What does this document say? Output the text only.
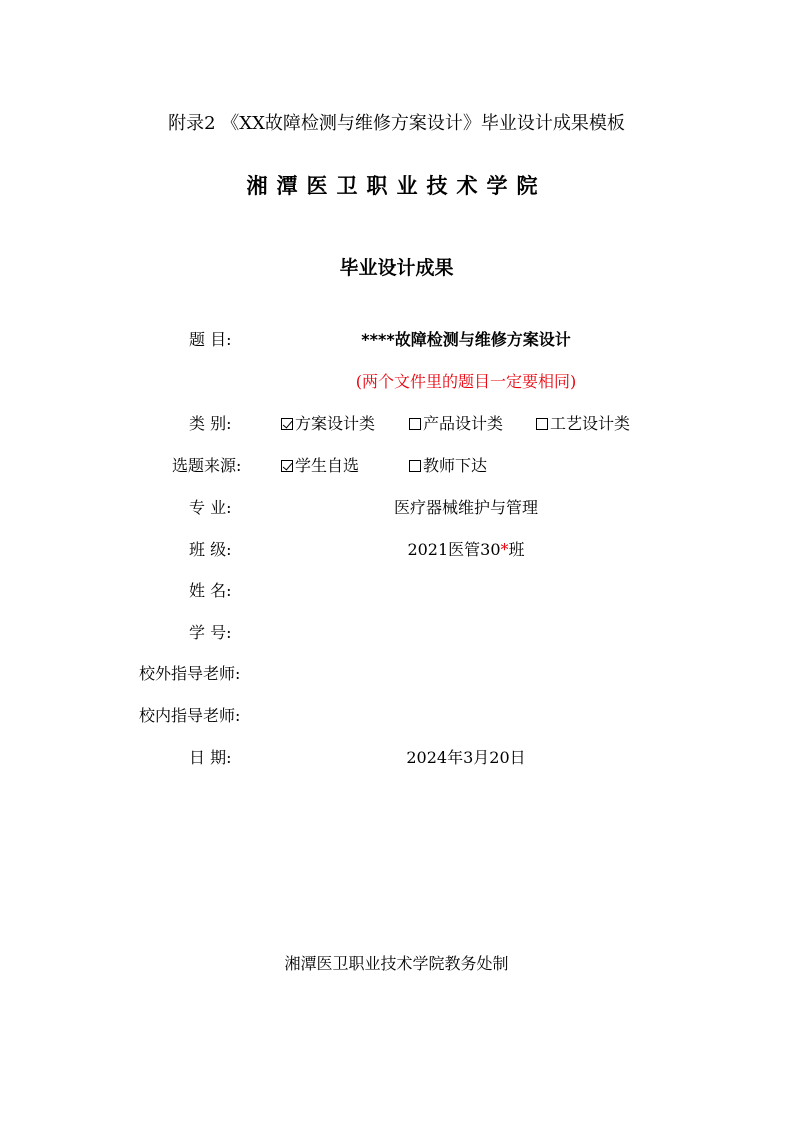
附录2 《XX故障检测与维修方案设计》毕业设计成果模板
湘潭医卫职业技术学院
毕业设计成果
题 目:	****故障检测与维修方案设计
(两个文件里的题目一定要相同)
类 别:	方案设计类	产品设计类	工艺设计类
选题来源:	学生自选	教师下达
专 业:	医疗器械维护与管理
班 级:	2021医管30*班
姓 名:
学 号:
校外指导老师:
校内指导老师:
日 期:	2024年3月20日
湘潭医卫职业技术学院教务处制
